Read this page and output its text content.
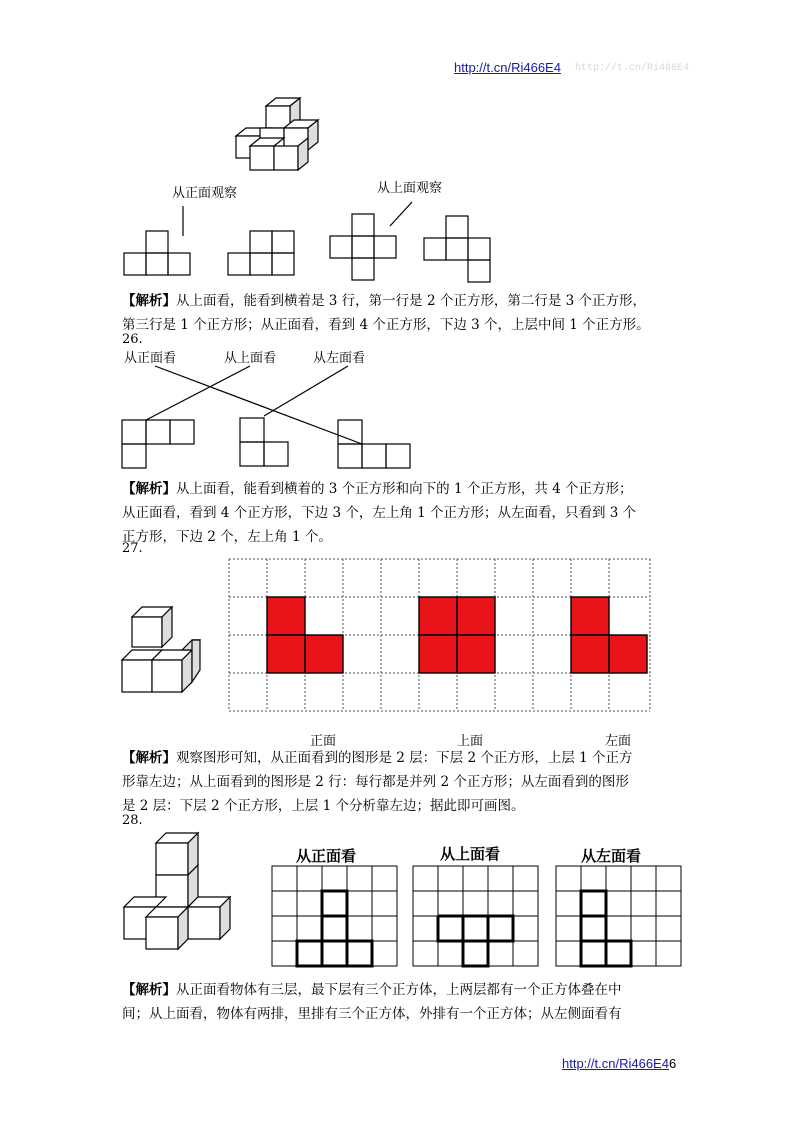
http://t.cn/Ri466E4 http://t.cn/Ri466E4
从正面观察	从上面观察
【解析】从上面看，能看到横着是 3 行，第一行是 2 个正方形，第二行是 3 个正方形，
第三行是 1 个正方形；从正面看，看到 4 个正方形，下边 3 个，上层中间 1 个正方形。
26.
从正面看	从上面看	从左面看
【解析】从上面看，能看到横着的 3 个正方形和向下的 1 个正方形，共 4 个正方形；
从正面看，看到 4 个正方形，下边 3 个，左上角 1 个正方形；从左面看，只看到 3 个
正方形，下边 2 个，左上角 1 个。
27.
正面	上面	左面
【解析】观察图形可知，从正面看到的图形是 2 层：下层 2 个正方形，上层 1 个正方
形靠左边；从上面看到的图形是 2 行：每行都是并列 2 个正方形；从左面看到的图形
是 2 层：下层 2 个正方形，上层 1 个分析靠左边；据此即可画图。
28.
从正面看	从上面看	从左面看
【解析】从正面看物体有三层，最下层有三个正方体，上两层都有一个正方体叠在中
间；从上面看，物体有两排，里排有三个正方体，外排有一个正方体；从左侧面看有
http://t.cn/Ri466E46
